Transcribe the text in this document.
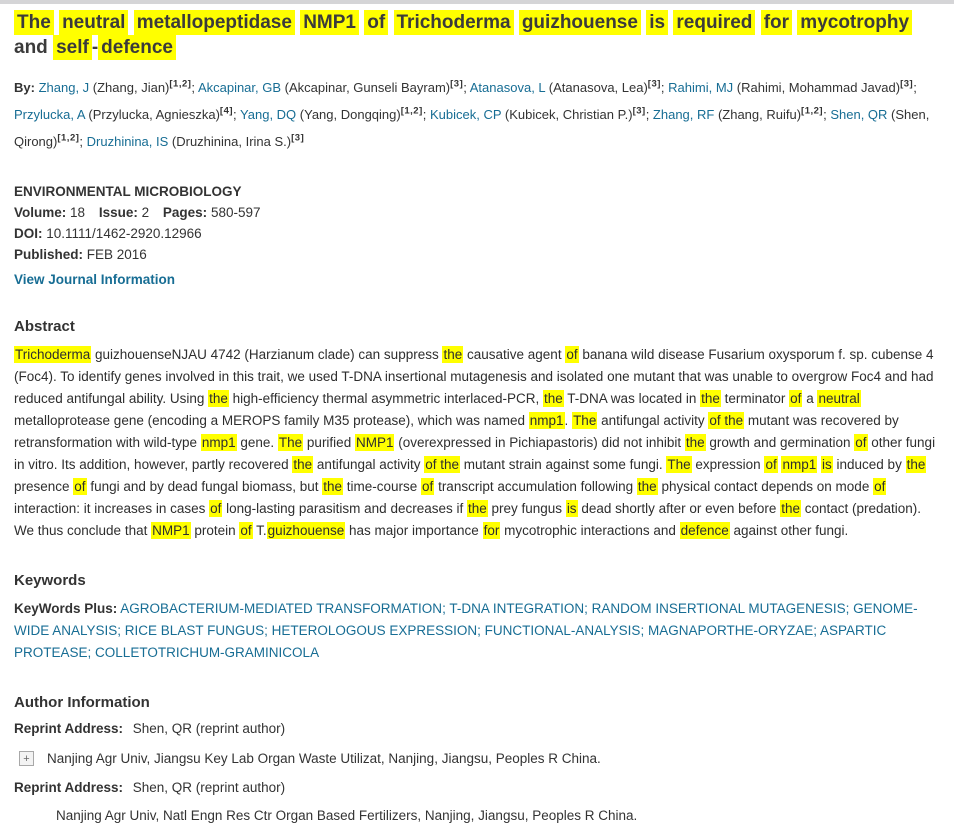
The neutral metallopeptidase NMP1 of Trichoderma guizhouense is required for mycotrophy and self - defence

By: Zhang, J (Zhang, Jian)[1,2]; Akcapinar, GB (Akcapinar, Gunseli Bayram)[3]; Atanasova, L (Atanasova, Lea)[3]; Rahimi, MJ (Rahimi, Mohammad Javad)[3]; Przylucka, A (Przylucka, Agnieszka)[4]; Yang, DQ (Yang, Dongqing)[1,2]; Kubicek, CP (Kubicek, Christian P.)[3]; Zhang, RF (Zhang, Ruifu)[1,2]; Shen, QR (Shen, Qirong)[1,2]; Druzhinina, IS (Druzhinina, Irina S.)[3]

ENVIRONMENTAL MICROBIOLOGY
Volume: 18 Issue: 2 Pages: 580-597
DOI: 10.1111/1462-2920.12966
Published: FEB 2016
View Journal Information
Abstract

Trichoderma guizhouenseNJAU 4742 (Harzianum clade) can suppress the causative agent of banana wild disease Fusarium oxysporum f. sp. cubense 4 (Foc4). To identify genes involved in this trait, we used T-DNA insertional mutagenesis and isolated one mutant that was unable to overgrow Foc4 and had reduced antifungal ability. Using the high-efficiency thermal asymmetric interlaced-PCR, the T-DNA was located in the terminator of a neutral metalloprotease gene (encoding a MEROPS family M35 protease), which was named nmp1. The antifungal activity of the mutant was recovered by retransformation with wild-type nmp1 gene. The purified NMP1 (overexpressed in Pichiapastoris) did not inhibit the growth and germination of other fungi in vitro. Its addition, however, partly recovered the antifungal activity of the mutant strain against some fungi. The expression of nmp1 is induced by the presence of fungi and by dead fungal biomass, but the time-course of transcript accumulation following the physical contact depends on mode of interaction: it increases in cases of long-lasting parasitism and decreases if the prey fungus is dead shortly after or even before the contact (predation). We thus conclude that NMP1 protein of T.guizhouense has major importance for mycotrophic interactions and defence against other fungi.

Keywords

KeyWords Plus: AGROBACTERIUM-MEDIATED TRANSFORMATION; T-DNA INTEGRATION; RANDOM INSERTIONAL MUTAGENESIS; GENOME-WIDE ANALYSIS; RICE BLAST FUNGUS; HETEROLOGOUS EXPRESSION; FUNCTIONAL-ANALYSIS; MAGNAPORTHE-ORYZAE; ASPARTIC PROTEASE; COLLETOTRICHUM-GRAMINICOLA

Author Information
Reprint Address: Shen, QR (reprint author)
+	Nanjing Agr Univ, Jiangsu Key Lab Organ Waste Utilizat, Nanjing, Jiangsu, Peoples R China.
Reprint Address: Shen, QR (reprint author)
Nanjing Agr Univ, Natl Engn Res Ctr Organ Based Fertilizers, Nanjing, Jiangsu, Peoples R China.
